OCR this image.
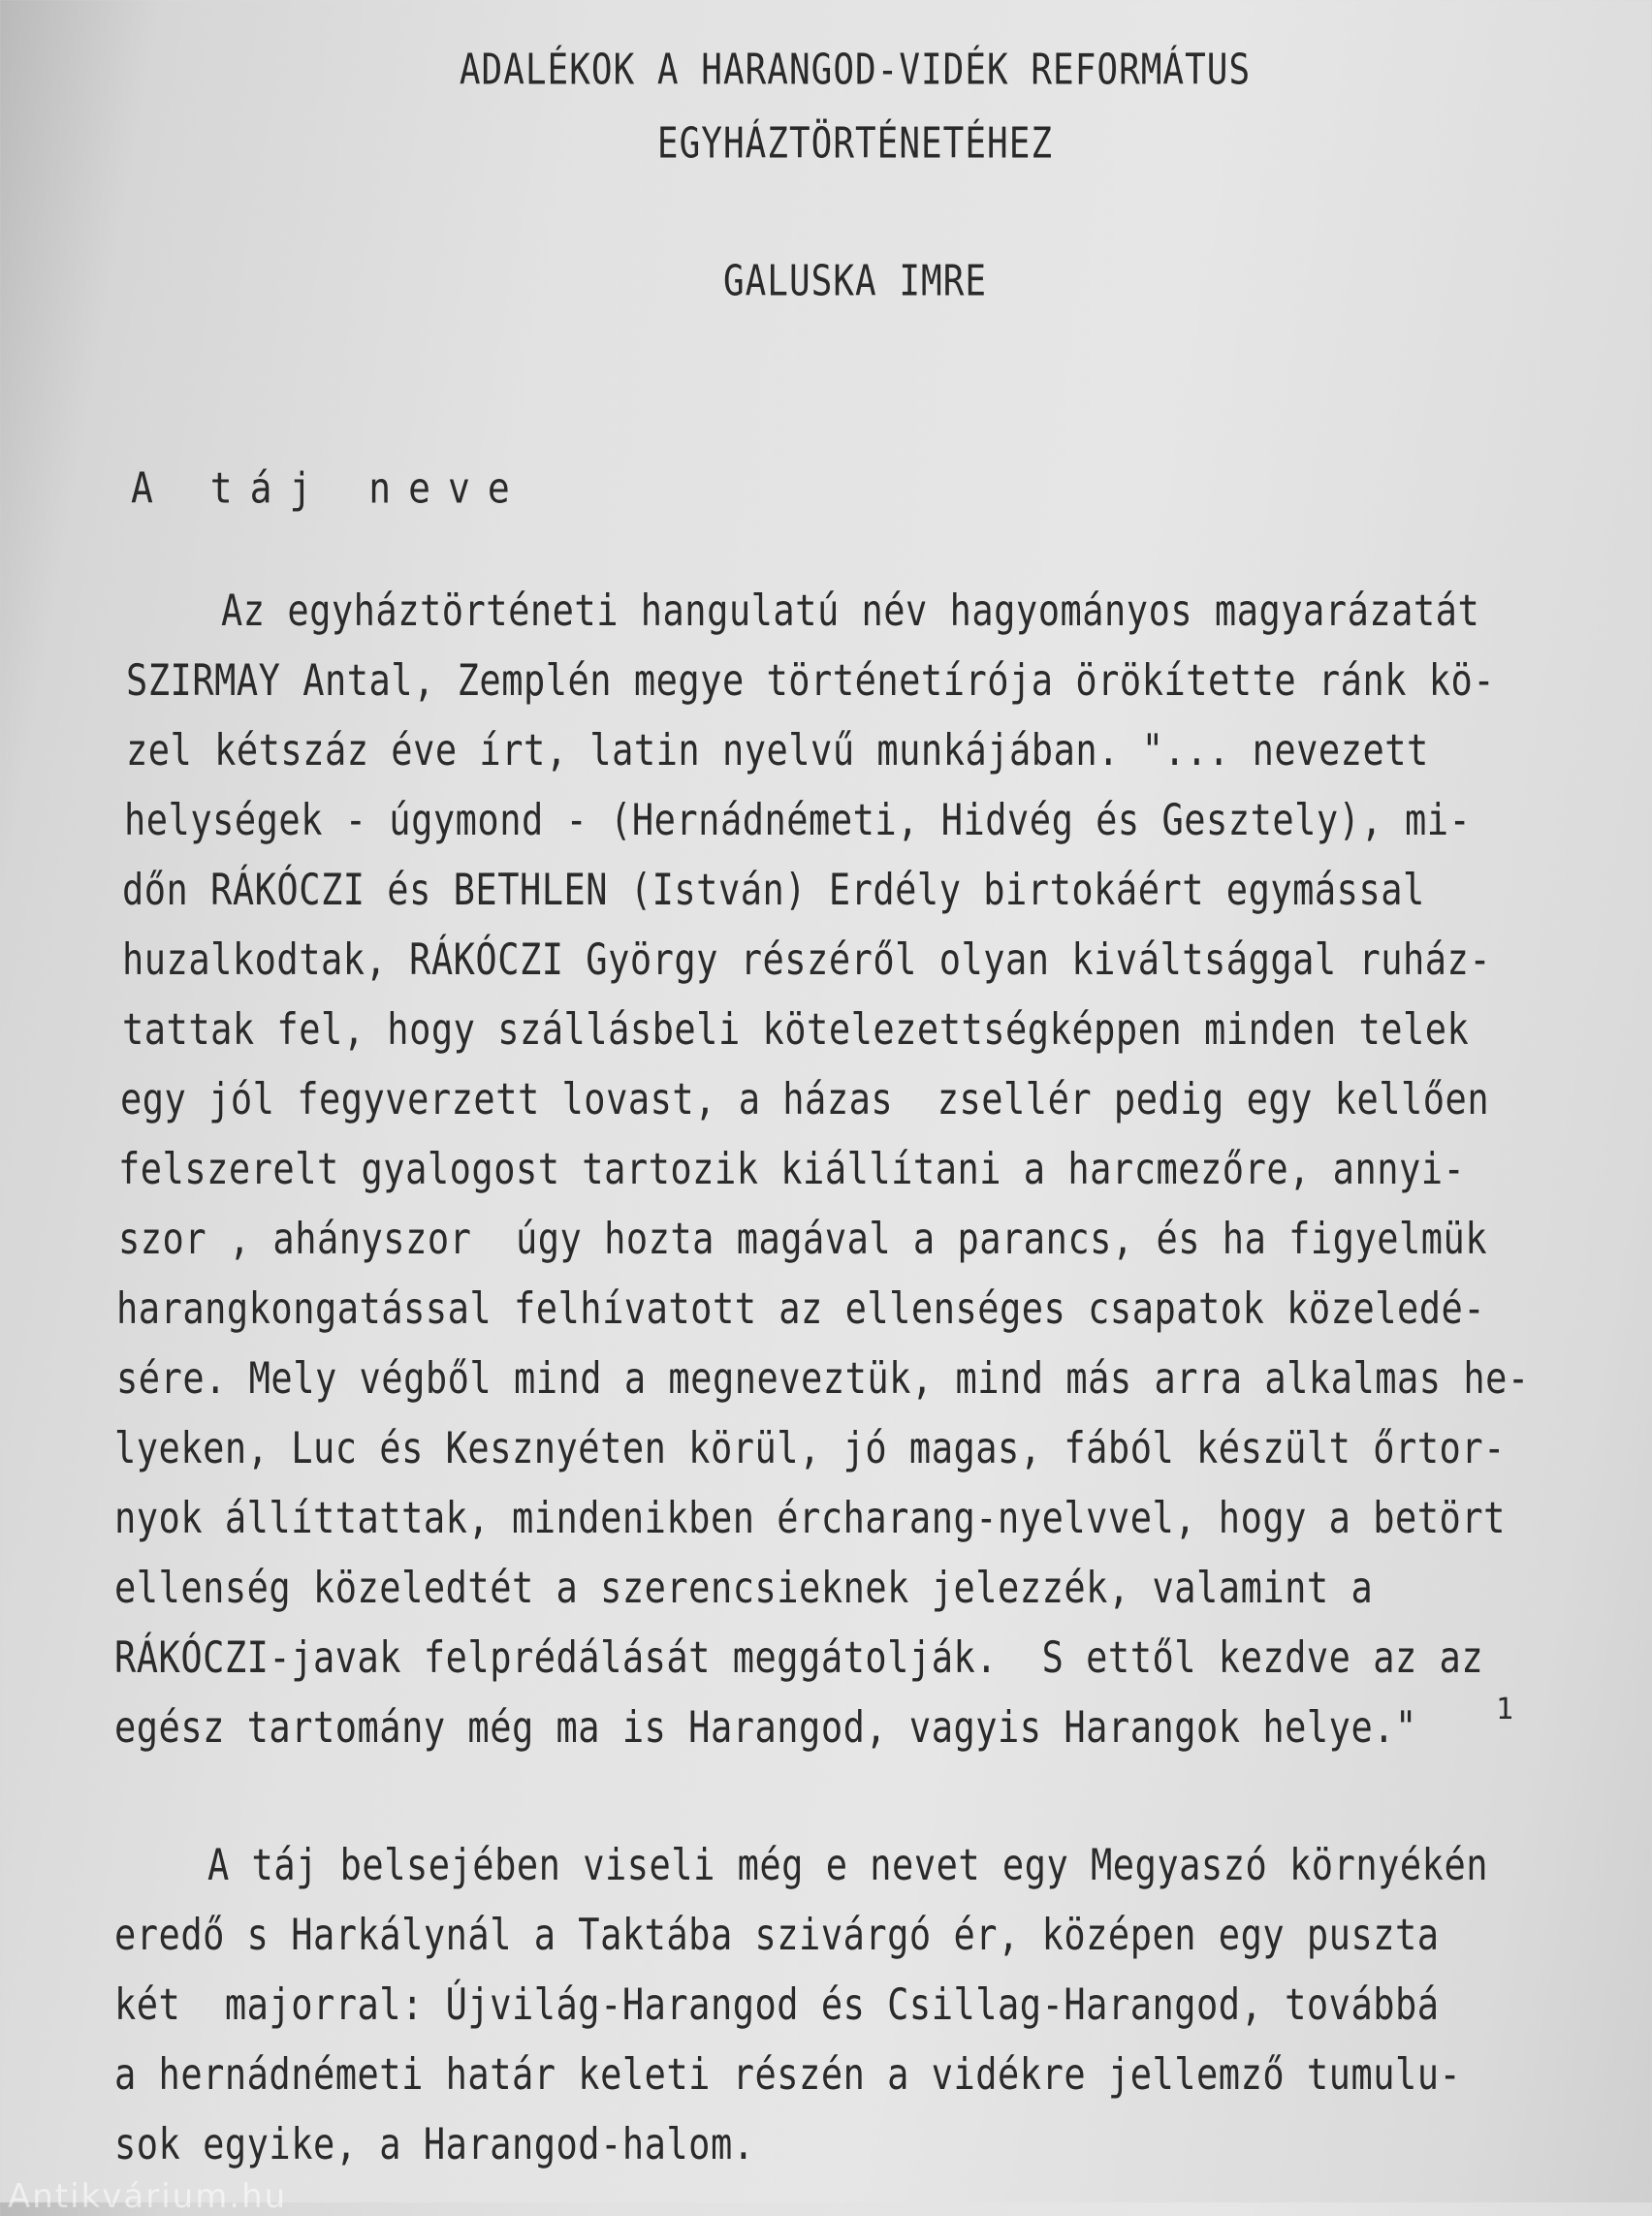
ADALÉKOK A HARANGOD-VIDÉK REFORMÁTUS
EGYHÁZTÖRTÉNETÉHEZ

GALUSKA IMRE

A táj neve

Az egyháztörténeti hangulatú név hagyományos magyarázatát

SZIRMAY Antal, Zemplén megye történetírója örökítette ránk kö-

zel kétszáz éve írt, latin nyelvű munkájában. "... nevezett

helységek - úgymond - (Hernádnémeti, Hidvég és Gesztely), mi-

dőn RÁKÓCZI és BETHLEN (István) Erdély birtokáért egymással

huzalkodtak, RÁKÓCZI György részéről olyan kiváltsággal ruház-

tattak fel, hogy szállásbeli kötelezettségképpen minden telek

egy jól fegyverzett lovast, a házas  zsellér pedig egy kellően

felszerelt gyalogost tartozik kiállítani a harcmezőre, annyi-

szor , ahányszor  úgy hozta magával a parancs, és ha figyelmük

harangkongatással felhívatott az ellenséges csapatok közeledé-

sére. Mely végből mind a megneveztük, mind más arra alkalmas he-

lyeken, Luc és Kesznyéten körül, jó magas, fából készült őrtor-

nyok állíttattak, mindenikben ércharang-nyelvvel, hogy a betört

ellenség közeledtét a szerencsieknek jelezzék, valamint a

RÁKÓCZI-javak felprédálását meggátolják.  S ettől kezdve az az

egész tartomány még ma is Harangod, vagyis Harangok helye."	1

A táj belsejében viseli még e nevet egy Megyaszó környékén

eredő s Harkálynál a Taktába szivárgó ér, középen egy puszta

két  majorral: Újvilág-Harangod és Csillag-Harangod, továbbá

a hernádnémeti határ keleti részén a vidékre jellemző tumulu-

sok egyike, a Harangod-halom.

Antikvárium.hu
